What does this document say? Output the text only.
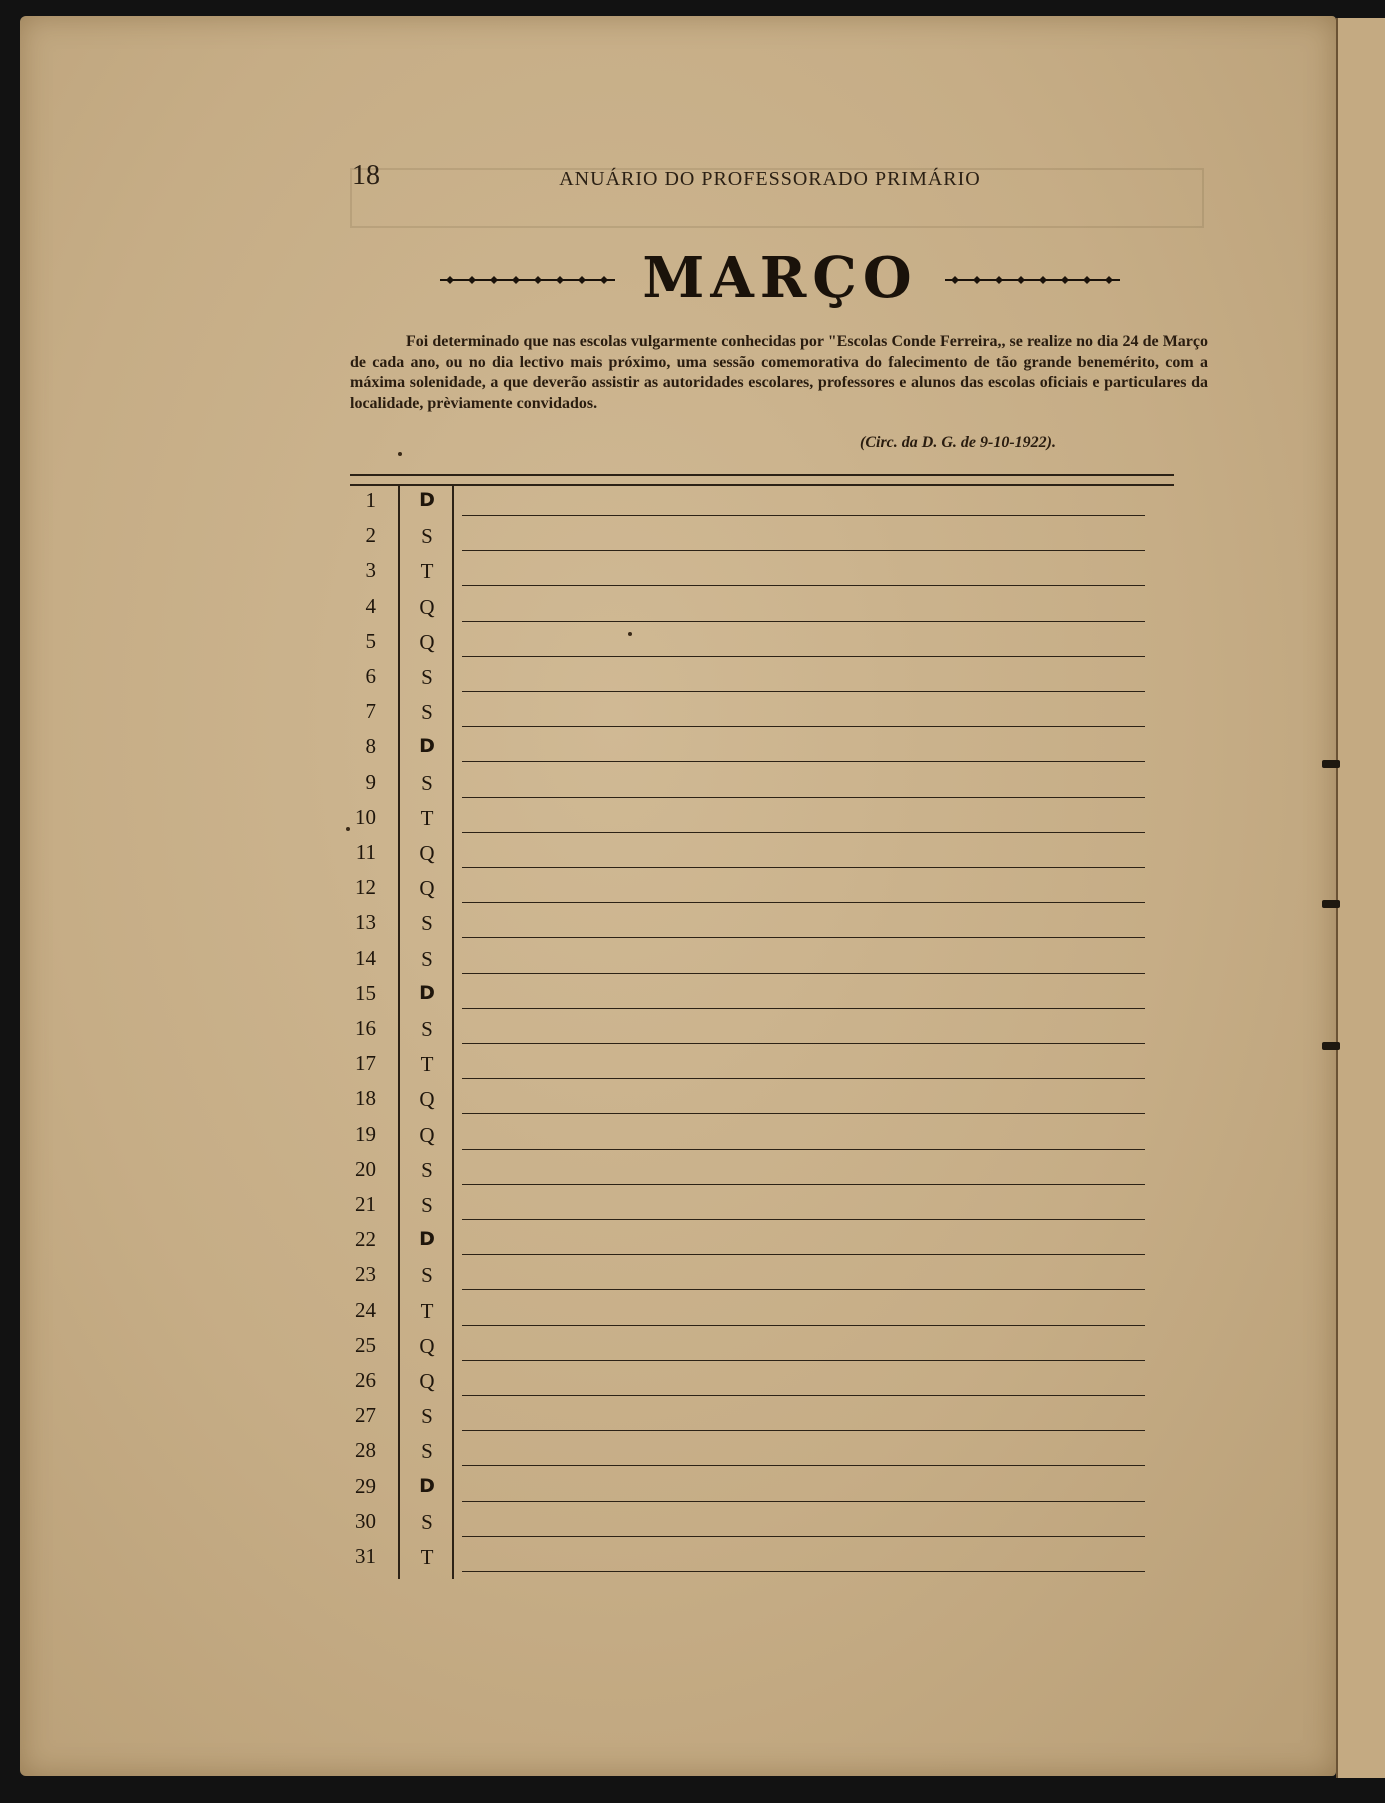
18	ANUÁRIO DO PROFESSORADO PRIMÁRIO
MARÇO

Foi determinado que nas escolas vulgarmente conhecidas por "Escolas Conde Ferreira,, se realize no dia 24 de Março de cada ano, ou no dia lectivo mais próximo, uma sessão comemorativa do falecimento de tão grande benemérito, com a máxima solenidade, a que deverão assistir as autoridades escolares, professores e alunos das escolas oficiais e particulares da localidade, prèviamente convidados.

(Circ. da D. G. de 9-10-1922).
1	D
2	S
3	T
4	Q
5	Q
6	S
7	S
8	D
9	S
10	T
11	Q
12	Q
13	S
14	S
15	D
16	S
17	T
18	Q
19	Q
20	S
21	S
22	D
23	S
24	T
25	Q
26	Q
27	S
28	S
29	D
30	S
31	T
